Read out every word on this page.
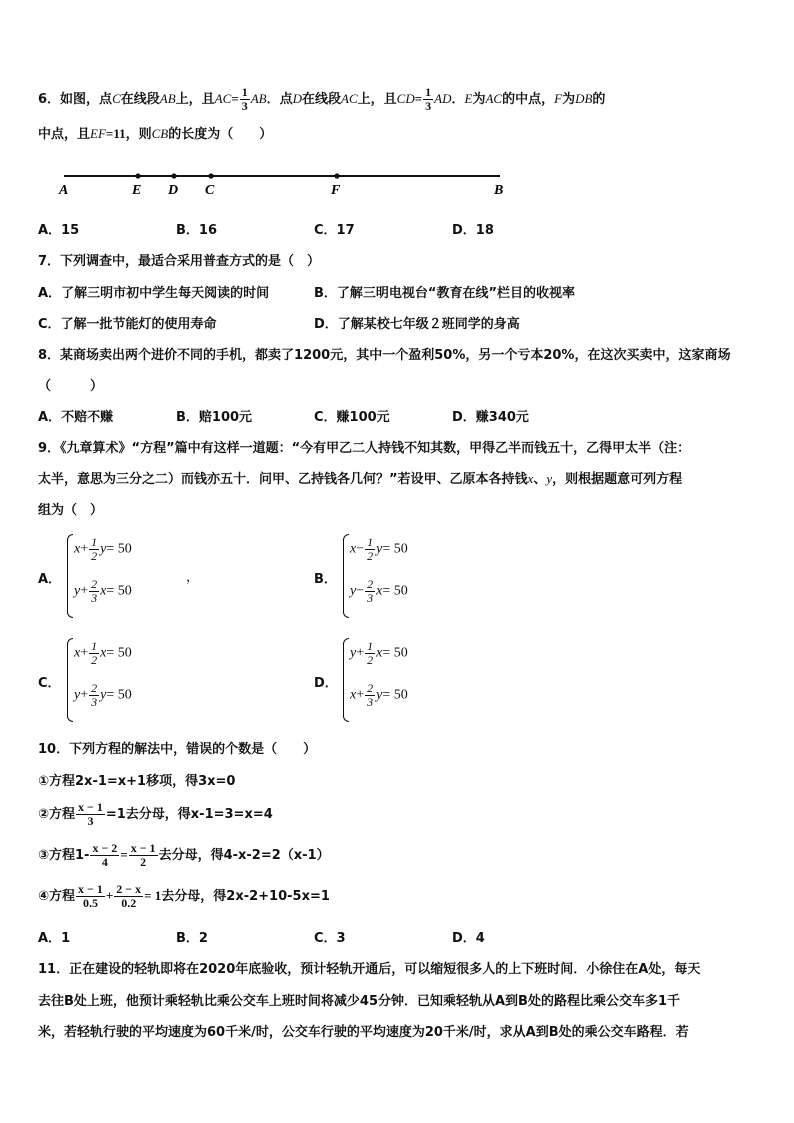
6．如图，点C在线段AB上，且$AC= \frac{1}{3}$ AB．点D在线段AC上，且$CD= \frac{1}{3}$ AD．E为AC的中点，F为DB的
中点，且EF=11，则CB的长度为（　　）
A	E D C	F	B
A．15	B．16	C．17	D．18
7．下列调查中，最适合采用普查方式的是（　）
A．了解三明市初中学生每天阅读的时间	B．了解三明电视台“教育在线”栏目的收视率
C．了解一批节能灯的使用寿命	D．了解某校七年级２班同学的身高
8．某商场卖出两个进价不同的手机，都卖了1200元，其中一个盈利50%，另一个亏本20%，在这次买卖中，这家商场
（　　　）
A．不赔不赚	B．赔100元	C．赚100元	D．赚340元
9．《九章算术》“方程”篇中有这样一道题：“今有甲乙二人持钱不知其数，甲得乙半而钱五十，乙得甲太半（注：
太半，意思为三分之二）而钱亦五十．问甲、乙持钱各几何？”若设甲、乙原本各持钱x、y，则根据题意可列方程
组为（　）
A．
$x+ \frac{1}{2} y= 50$
$y+ \frac{2}{3} x= 50$
，	B．
$x- \frac{1}{2} y= 50$
$y- \frac{2}{3} x= 50$
C．
$x+ \frac{1}{2} x= 50$
$y+ \frac{2}{3} y= 50$
D．
$y+ \frac{1}{2} x= 50$
$x+ \frac{2}{3} y= 50$
10．下列方程的解法中，错误的个数是（　　）
①方程2x-1=x+1移项，得3x=0
②方程 $\frac{x - 1}{3} =1$去分母，得x-1=3=x=4
③方程$1- \frac{x - 2}{4} = \frac{x - 1}{2}$ 去分母，得4-x-2=2（x-1）
④方程 $\frac{x - 1}{0.5} + \frac{2 - x}{0.2} = 1$去分母，得2x-2+10-5x=1
A．1	B．2	C．3	D．4
11．正在建设的轻轨即将在2020年底验收，预计轻轨开通后，可以缩短很多人的上下班时间．小徐住在A处，每天
去往B处上班，他预计乘轻轨比乘公交车上班时间将减少45分钟．已知乘轻轨从A到B处的路程比乘公交车多1千
米，若轻轨行驶的平均速度为60千米/时，公交车行驶的平均速度为20千米/时，求从A到B处的乘公交车路程．若
